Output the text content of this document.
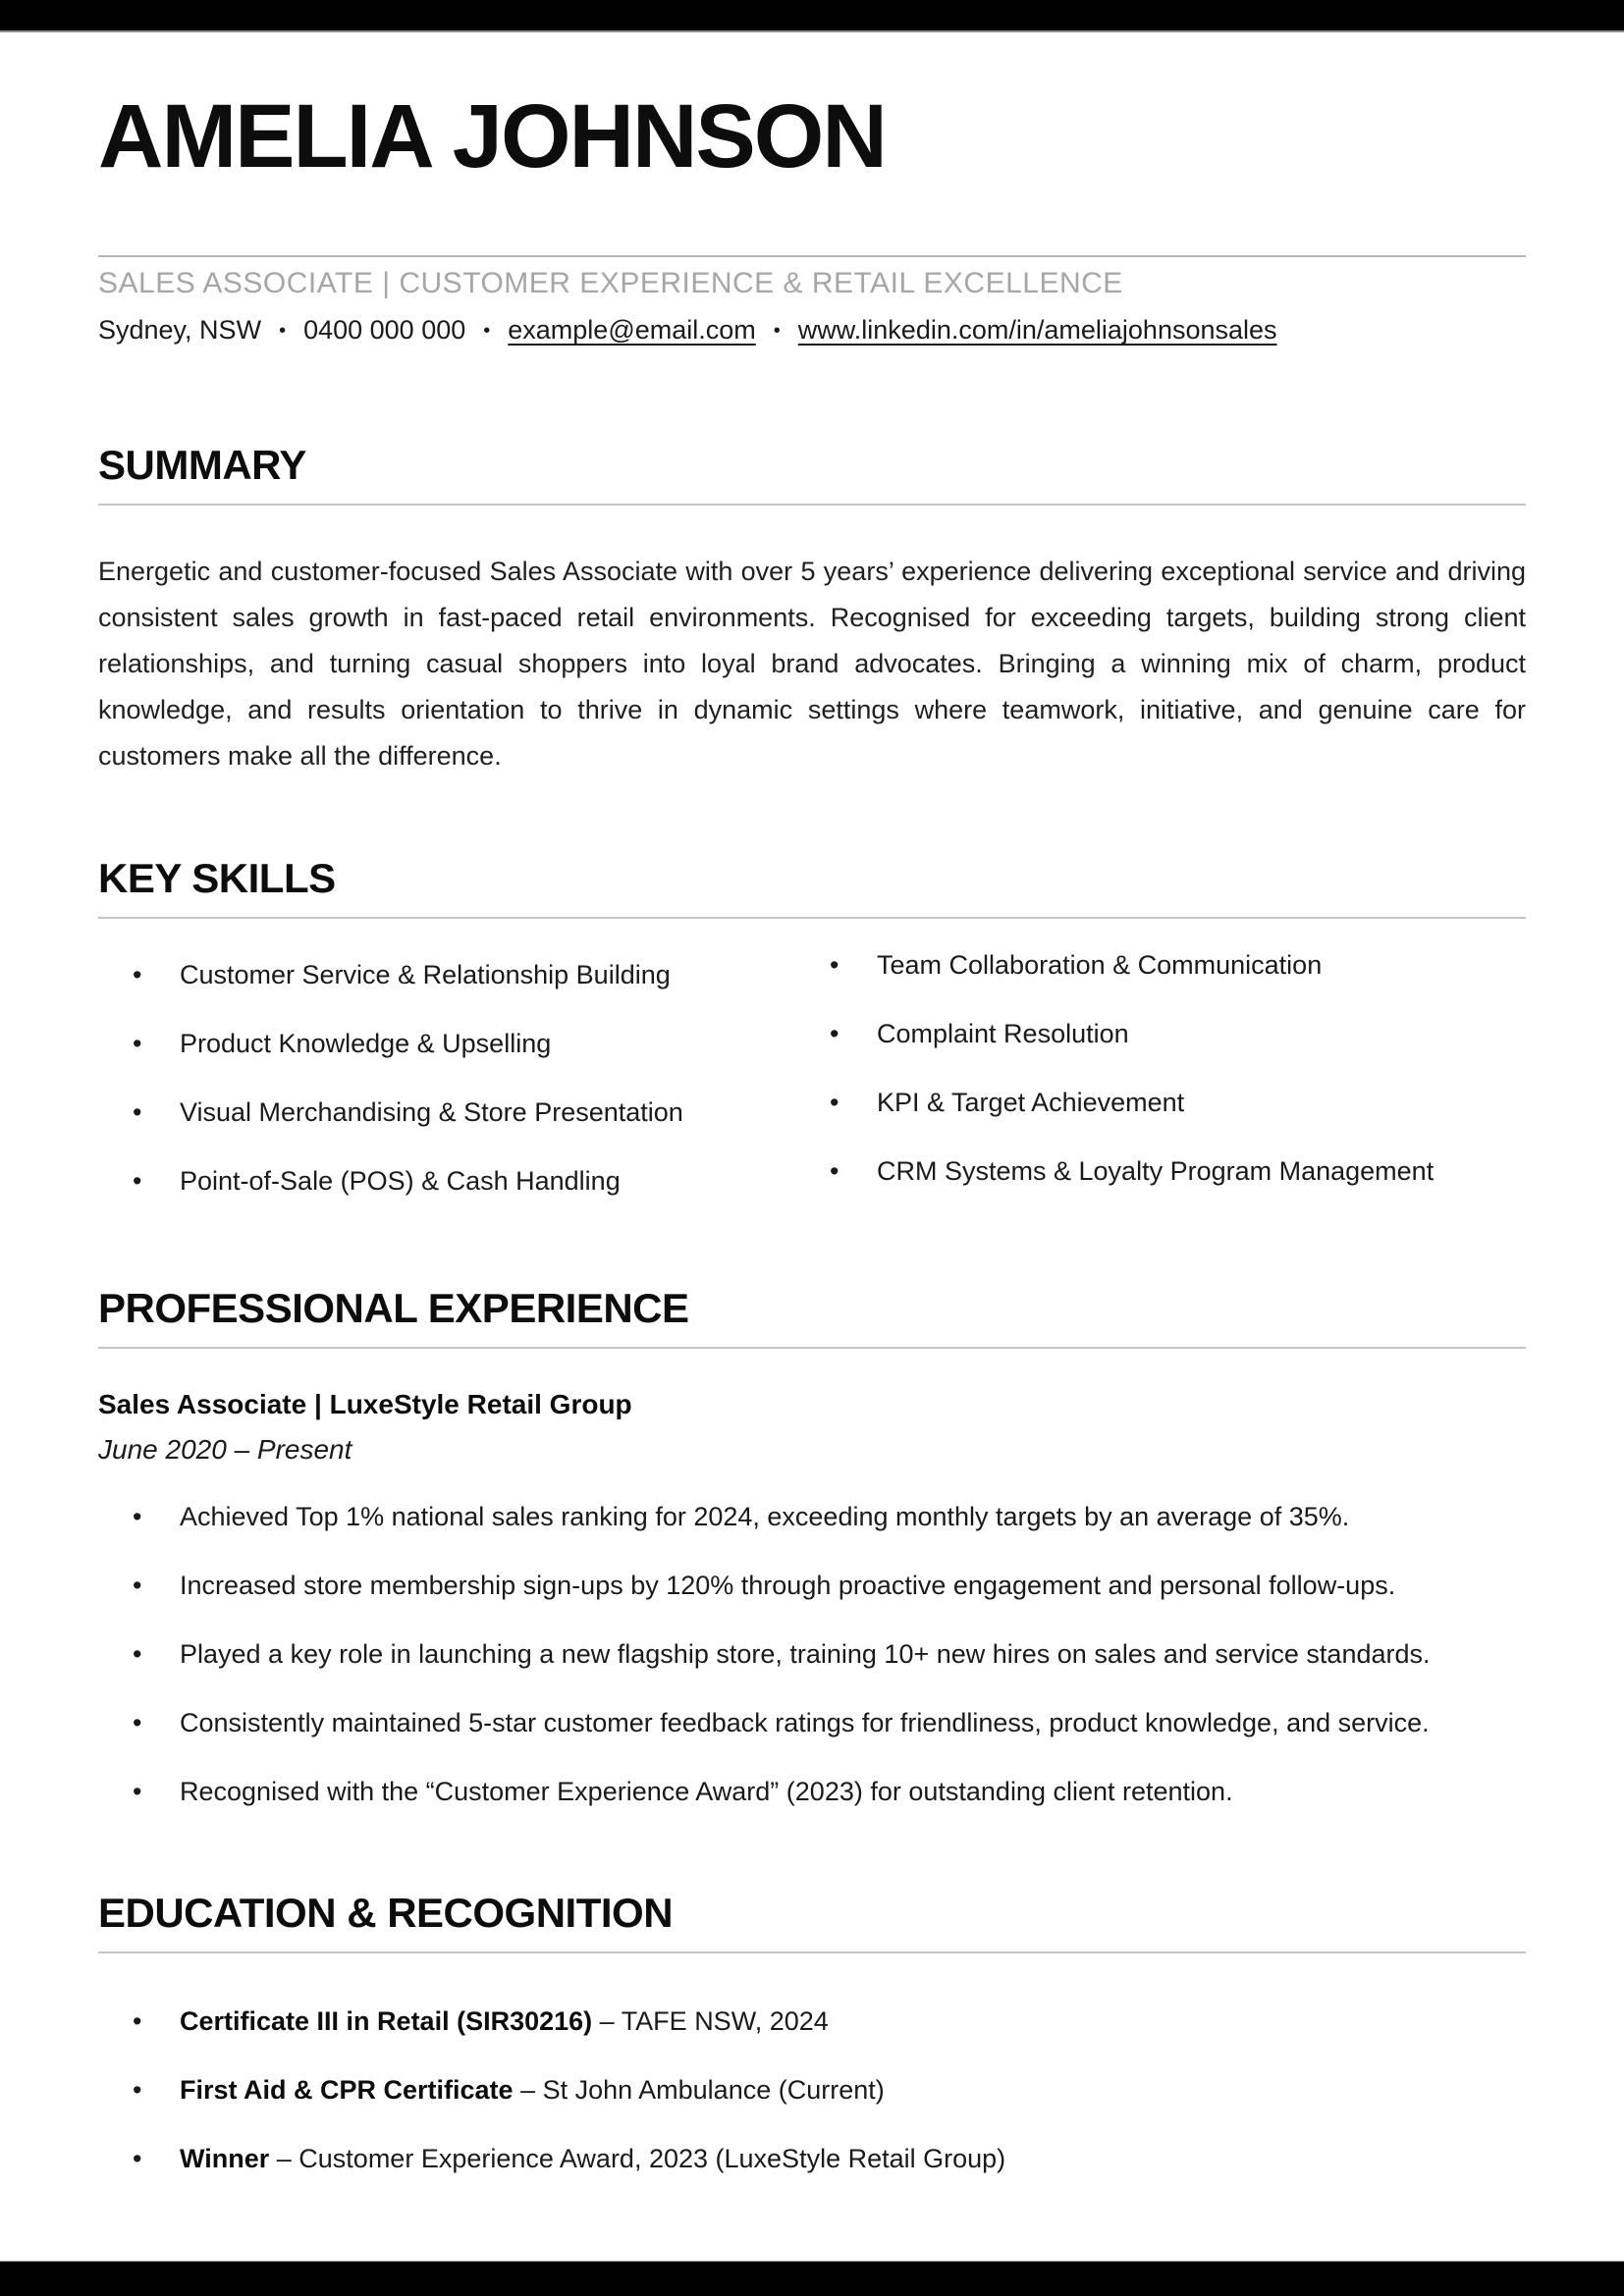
AMELIA JOHNSON
SALES ASSOCIATE | CUSTOMER EXPERIENCE & RETAIL EXCELLENCE
Sydney, NSW • 0400 000 000 • example@email.com • www.linkedin.com/in/ameliajohnsonsales
SUMMARY

Energetic and customer-focused Sales Associate with over 5 years’ experience delivering exceptional service and driving consistent sales growth in fast-paced retail environments. Recognised for exceeding targets, building strong client relationships, and turning casual shoppers into loyal brand advocates. Bringing a winning mix of charm, product knowledge, and results orientation to thrive in dynamic settings where teamwork, initiative, and genuine care for customers make all the difference.

KEY SKILLS
• Customer Service & Relationship Building
• Product Knowledge & Upselling
• Visual Merchandising & Store Presentation
• Point-of-Sale (POS) & Cash Handling
• Team Collaboration & Communication
• Complaint Resolution
• KPI & Target Achievement
• CRM Systems & Loyalty Program Management
PROFESSIONAL EXPERIENCE
Sales Associate | LuxeStyle Retail Group
June 2020 – Present
• Achieved Top 1% national sales ranking for 2024, exceeding monthly targets by an average of 35%.
• Increased store membership sign-ups by 120% through proactive engagement and personal follow-ups.
• Played a key role in launching a new flagship store, training 10+ new hires on sales and service standards.
• Consistently maintained 5-star customer feedback ratings for friendliness, product knowledge, and service.
• Recognised with the “Customer Experience Award” (2023) for outstanding client retention.
EDUCATION & RECOGNITION
• Certificate III in Retail (SIR30216) – TAFE NSW, 2024
• First Aid & CPR Certificate – St John Ambulance (Current)
• Winner – Customer Experience Award, 2023 (LuxeStyle Retail Group)
